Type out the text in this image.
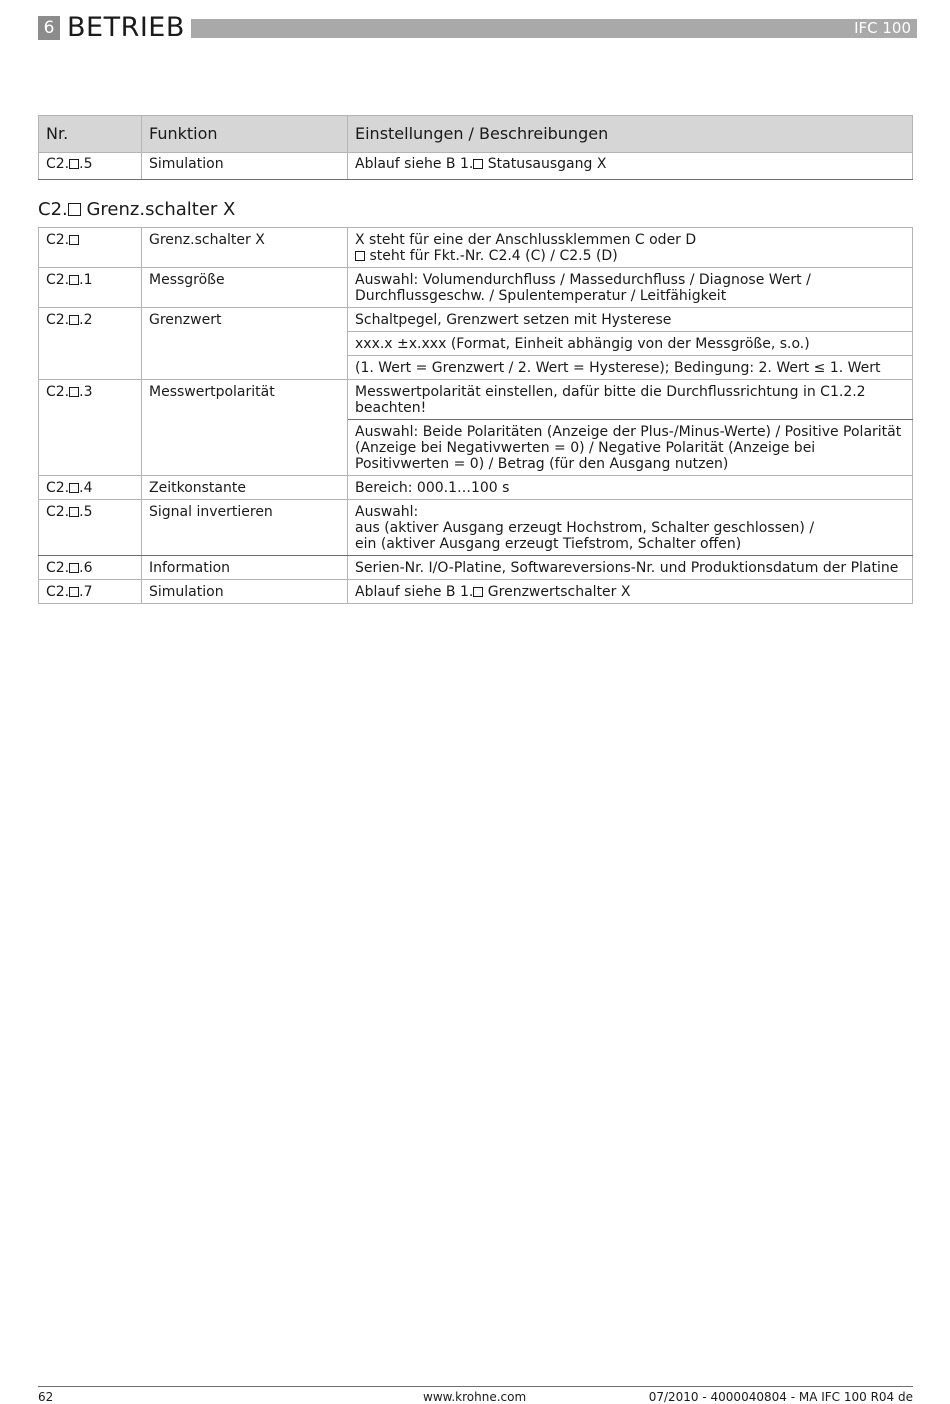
6 BETRIEB	IFC 100
Nr.	Funktion	Einstellungen / Beschreibungen
C2. .5	Simulation	Ablauf siehe B 1. Statusausgang X
C2. Grenz.schalter X
C2.	Grenz.schalter X	X steht für eine der Anschlussklemmen C oder D
steht für Fkt.-Nr. C2.4 (C) / C2.5 (D)

C2. .1	Messgröße	Auswahl: Volumendurchfluss / Massedurchfluss / Diagnose Wert / Durchflussgeschw. / Spulentemperatur / Leitfähigkeit
C2. .2	Grenzwert	Schaltpegel, Grenzwert setzen mit Hysterese
		xxx.x ±x.xxx (Format, Einheit abhängig von der Messgröße, s.o.)
		(1. Wert = Grenzwert / 2. Wert = Hysterese); Bedingung: 2. Wert ≤ 1. Wert
C2. .3	Messwertpolarität	Messwertpolarität einstellen, dafür bitte die Durchflussrichtung in C1.2.2 beachten!
		Auswahl: Beide Polaritäten (Anzeige der Plus-/Minus-Werte) / Positive Polarität (Anzeige bei Negativwerten = 0) / Negative Polarität (Anzeige bei Positivwerten = 0) / Betrag (für den Ausgang nutzen)
C2. .4	Zeitkonstante	Bereich: 000.1…100 s
C2. .5	Signal invertieren	Auswahl:
aus (aktiver Ausgang erzeugt Hochstrom, Schalter geschlossen) /
ein (aktiver Ausgang erzeugt Tiefstrom, Schalter offen)

C2. .6	Information	Serien-Nr. I/O-Platine, Softwareversions-Nr. und Produktionsdatum der Platine
C2. .7	Simulation	Ablauf siehe B 1. Grenzwertschalter X
62	www.krohne.com	07/2010 - 4000040804 - MA IFC 100 R04 de
